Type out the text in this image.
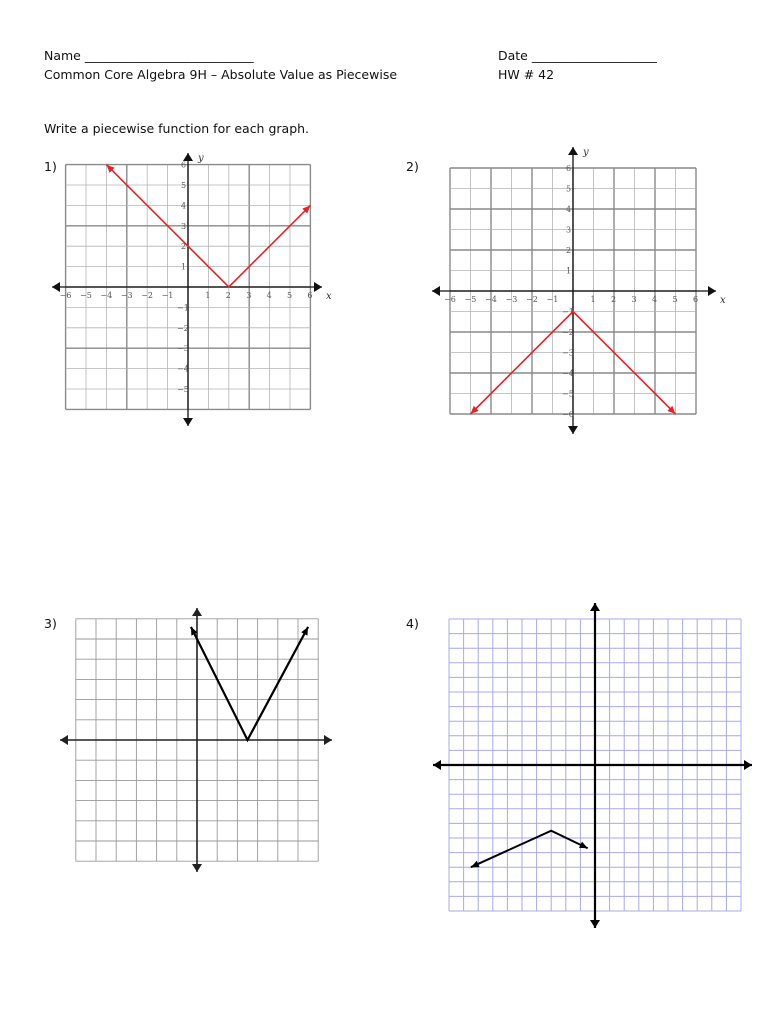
Name ___________________________
Common Core Algebra 9H – Absolute Value as Piecewise
Date ____________________
HW # 42
Write a piecewise function for each graph.
1)	2)
3)	4)
−6 −5 −4 −3 −2 −1	1 2 3 4 5 6
6
5
4
3
2
1
−1
−2
−3
−4
−5
x
y
−6 −5 −4 −3 −2 −1	1 2 3 4 5 6
6
5
4
3
2
1
−1
−2
−3
−4
−5
−6
x
y
